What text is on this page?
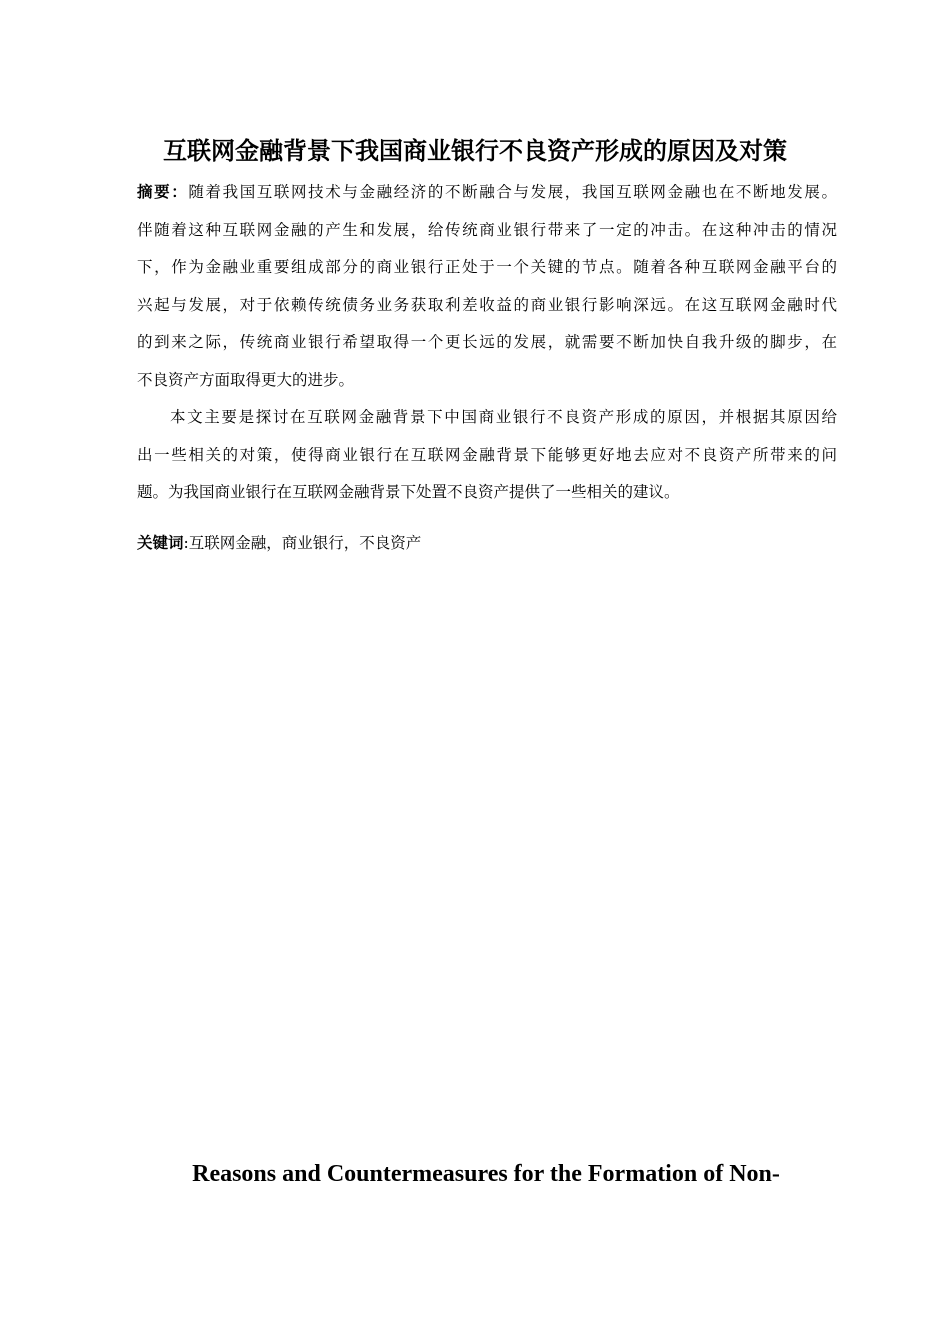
互联网金融背景下我国商业银行不良资产形成的原因及对策
摘要：随着我国互联网技术与金融经济的不断融合与发展，我国互联网金融也在不断地发展。
伴随着这种互联网金融的产生和发展，给传统商业银行带来了一定的冲击。在这种冲击的情况
下，作为金融业重要组成部分的商业银行正处于一个关键的节点。随着各种互联网金融平台的
兴起与发展，对于依赖传统债务业务获取利差收益的商业银行影响深远。在这互联网金融时代
的到来之际，传统商业银行希望取得一个更长远的发展，就需要不断加快自我升级的脚步，在
不良资产方面取得更大的进步。
本文主要是探讨在互联网金融背景下中国商业银行不良资产形成的原因，并根据其原因给
出一些相关的对策，使得商业银行在互联网金融背景下能够更好地去应对不良资产所带来的问
题。为我国商业银行在互联网金融背景下处置不良资产提供了一些相关的建议。
关键词:互联网金融，商业银行，不良资产
Reasons and Countermeasures for the Formation of Non-
